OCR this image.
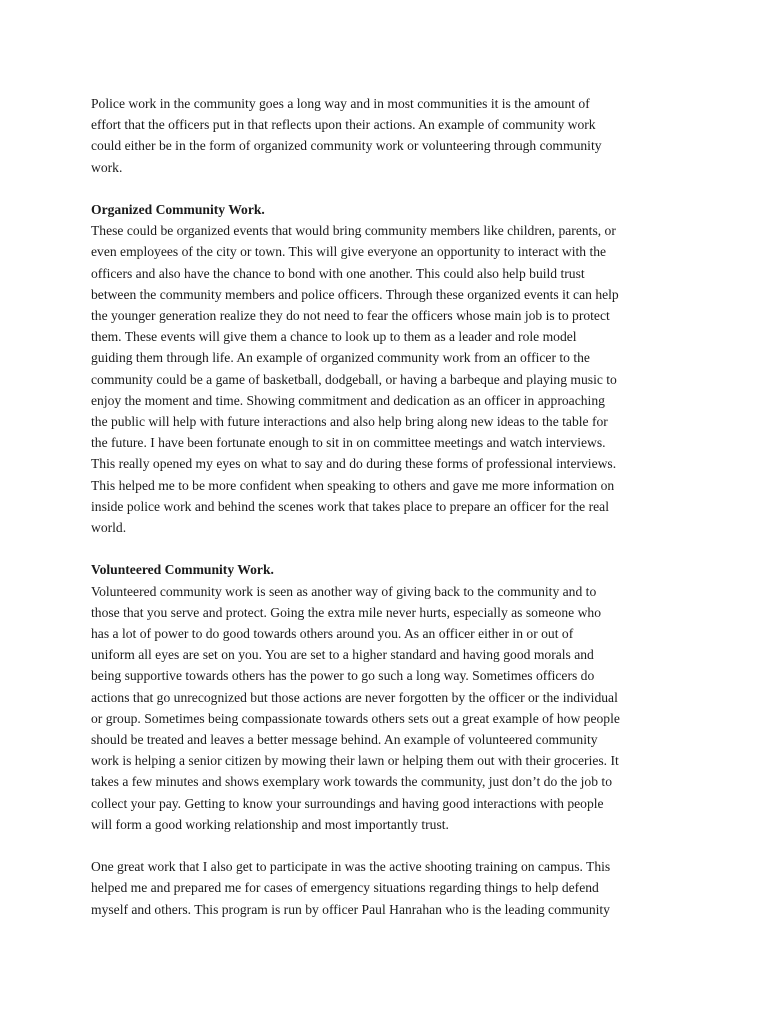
Police work in the community goes a long way and in most communities it is the amount of
effort that the officers put in that reflects upon their actions. An example of community work
could either be in the form of organized community work or volunteering through community
work.

Organized Community Work.

These could be organized events that would bring community members like children, parents, or
even employees of the city or town. This will give everyone an opportunity to interact with the
officers and also have the chance to bond with one another. This could also help build trust
between the community members and police officers. Through these organized events it can help
the younger generation realize they do not need to fear the officers whose main job is to protect
them. These events will give them a chance to look up to them as a leader and role model
guiding them through life. An example of organized community work from an officer to the
community could be a game of basketball, dodgeball, or having a barbeque and playing music to
enjoy the moment and time. Showing commitment and dedication as an officer in approaching
the public will help with future interactions and also help bring along new ideas to the table for
the future. I have been fortunate enough to sit in on committee meetings and watch interviews.
This really opened my eyes on what to say and do during these forms of professional interviews.
This helped me to be more confident when speaking to others and gave me more information on
inside police work and behind the scenes work that takes place to prepare an officer for the real
world.

Volunteered Community Work.

Volunteered community work is seen as another way of giving back to the community and to
those that you serve and protect. Going the extra mile never hurts, especially as someone who
has a lot of power to do good towards others around you. As an officer either in or out of
uniform all eyes are set on you. You are set to a higher standard and having good morals and
being supportive towards others has the power to go such a long way. Sometimes officers do
actions that go unrecognized but those actions are never forgotten by the officer or the individual
or group. Sometimes being compassionate towards others sets out a great example of how people
should be treated and leaves a better message behind. An example of volunteered community
work is helping a senior citizen by mowing their lawn or helping them out with their groceries. It
takes a few minutes and shows exemplary work towards the community, just don’t do the job to
collect your pay. Getting to know your surroundings and having good interactions with people
will form a good working relationship and most importantly trust.

One great work that I also get to participate in was the active shooting training on campus. This
helped me and prepared me for cases of emergency situations regarding things to help defend
myself and others. This program is run by officer Paul Hanrahan who is the leading community
